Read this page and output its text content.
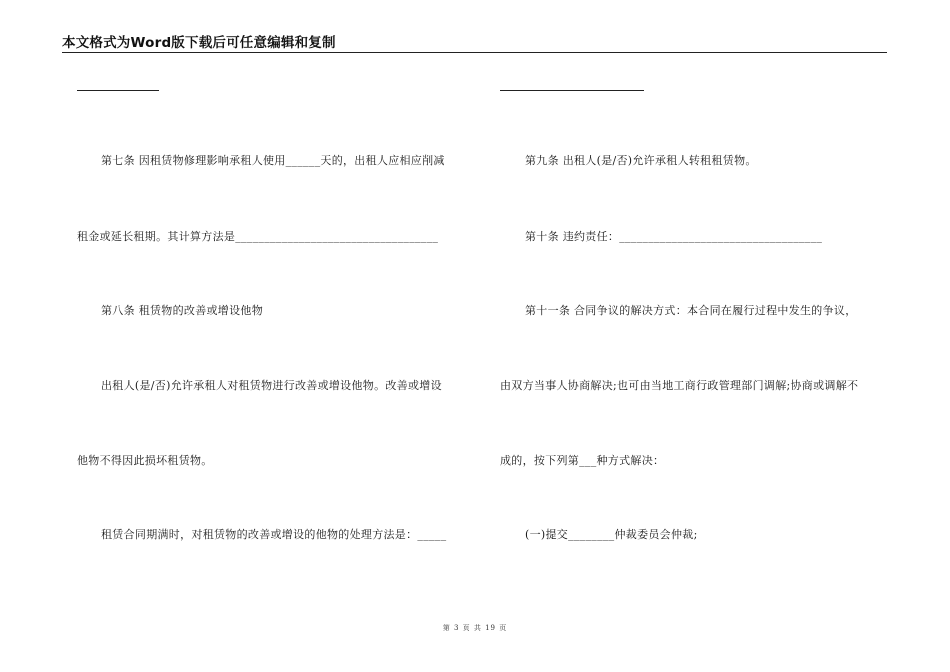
本文格式为Word版下载后可任意编辑和复制
第七条 因租赁物修理影响承租人使用______天的，出租人应相应削减
租金或延长租期。其计算方法是___________________________________
第八条 租赁物的改善或增设他物
出租人(是/否)允许承租人对租赁物进行改善或增设他物。改善或增设
他物不得因此损坏租赁物。
租赁合同期满时，对租赁物的改善或增设的他物的处理方法是：_____
第九条 出租人(是/否)允许承租人转租租赁物。
第十条 违约责任：___________________________________
第十一条 合同争议的解决方式：本合同在履行过程中发生的争议，
由双方当事人协商解决;也可由当地工商行政管理部门调解;协商或调解不
成的，按下列第___种方式解决：
(一)提交________仲裁委员会仲裁;
第 3 页 共 19 页
